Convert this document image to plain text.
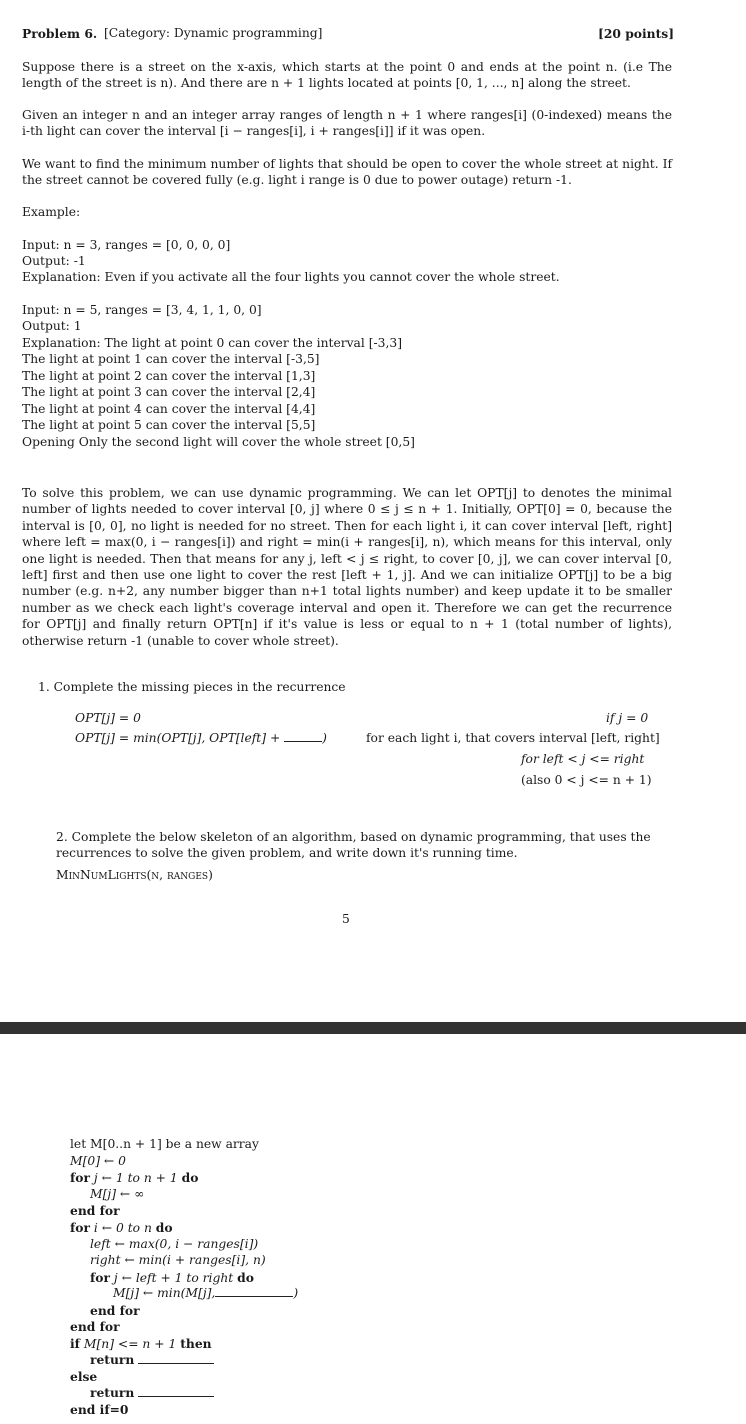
Problem 6. [Category: Dynamic programming]	[20 points]
Suppose there is a street on the x-axis, which starts at the point 0 and ends at the point n. (i.e The length of the street is n). And there are n + 1 lights located at points [0, 1, ..., n] along the street.
Given an integer n and an integer array ranges of length n + 1 where ranges[i] (0-indexed) means the i-th light can cover the interval [i − ranges[i], i + ranges[i]] if it was open.
We want to find the minimum number of lights that should be open to cover the whole street at night. If the street cannot be covered fully (e.g. light i range is 0 due to power outage) return -1.
Example:
Input: n = 3, ranges = [0, 0, 0, 0]
Output: -1
Explanation: Even if you activate all the four lights you cannot cover the whole street.
Input: n = 5, ranges = [3, 4, 1, 1, 0, 0]
Output: 1
Explanation: The light at point 0 can cover the interval [-3,3]
The light at point 1 can cover the interval [-3,5]
The light at point 2 can cover the interval [1,3]
The light at point 3 can cover the interval [2,4]
The light at point 4 can cover the interval [4,4]
The light at point 5 can cover the interval [5,5]
Opening Only the second light will cover the whole street [0,5]
To solve this problem, we can use dynamic programming. We can let OPT[j] to denotes the minimal number of lights needed to cover interval [0, j] where 0 ≤ j ≤ n + 1. Initially, OPT[0] = 0, because the interval is [0, 0], no light is needed for no street. Then for each light i, it can cover interval [left, right] where left = max(0, i − ranges[i]) and right = min(i + ranges[i], n), which means for this interval, only one light is needed. Then that means for any j, left < j ≤ right, to cover [0, j], we can cover interval [0, left] first and then use one light to cover the rest [left + 1, j]. And we can initialize OPT[j] to be a big number (e.g. n+2, any number bigger than n+1 total lights number) and keep update it to be smaller number as we check each light's coverage interval and open it. Therefore we can get the recurrence for OPT[j] and finally return OPT[n] if it's value is less or equal to n + 1 (total number of lights), otherwise return -1 (unable to cover whole street).
1. Complete the missing pieces in the recurrence
OPT[j] = 0	if j = 0
OPT[j] = min(OPT[j], OPT[left] +	)	for each light i, that covers interval [left, right]
for left < j <= right
(also 0 < j <= n + 1)
2. Complete the below skeleton of an algorithm, based on dynamic programming, that uses the recurrences to solve the given problem, and write down it's running time.
MinNumLights(n, ranges)
5
let M[0..n + 1] be a new array
M[0] ← 0
for j ← 1 to n + 1 do
M[j] ← ∞
end for
for i ← 0 to n do
left ← max(0, i − ranges[i])
right ← min(i + ranges[i], n)
for j ← left + 1 to right do
M[j] ← min(M[j],	)
end for
end for
if M[n] <= n + 1 then
return
else
return
end if=0
